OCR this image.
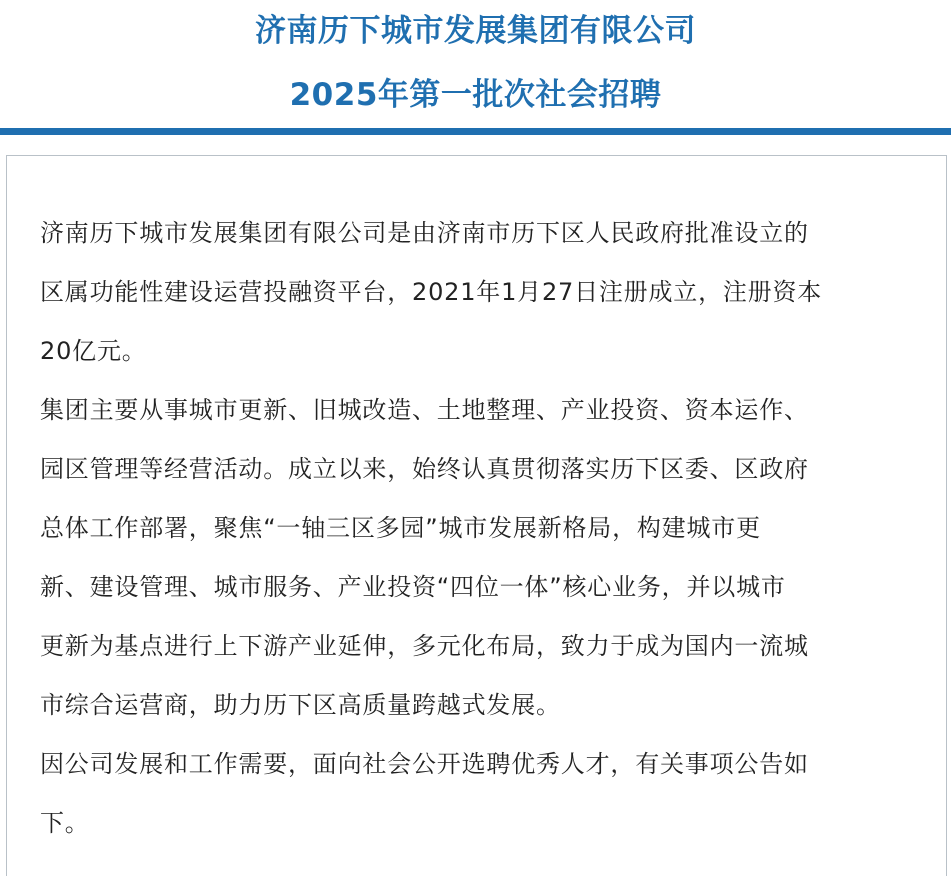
济南历下城市发展集团有限公司
2025年第一批次社会招聘
济南历下城市发展集团有限公司是由济南市历下区人民政府批准设立的
区属功能性建设运营投融资平台，2021年1月27日注册成立，注册资本
20亿元。
集团主要从事城市更新、旧城改造、土地整理、产业投资、资本运作、
园区管理等经营活动。成立以来，始终认真贯彻落实历下区委、区政府
总体工作部署，聚焦“一轴三区多园”城市发展新格局，构建城市更
新、建设管理、城市服务、产业投资“四位一体”核心业务，并以城市
更新为基点进行上下游产业延伸，多元化布局，致力于成为国内一流城
市综合运营商，助力历下区高质量跨越式发展。
因公司发展和工作需要，面向社会公开选聘优秀人才，有关事项公告如
下。
